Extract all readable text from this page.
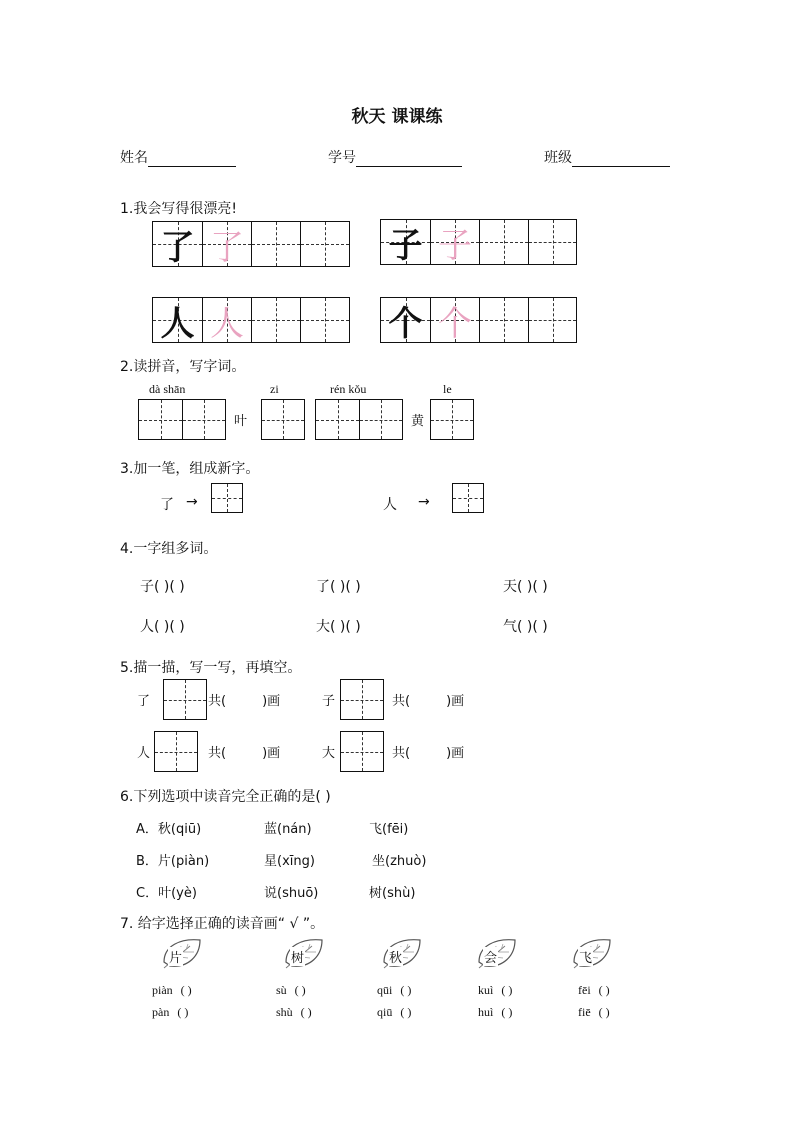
秋天 课课练
姓名	学号	班级
1.我会写得很漂亮!
了 了	子 子
人 人	个 个
2.读拼音，写字词。
dà shān	zi	rén kǒu	le
叶	黄
3.加一笔，组成新字。
了 →	人 →
4.一字组多词。
子( )( )	了( )( )	天( )( )
人( )( )	大( )( )	气( )( )
5.描一描，写一写，再填空。
了	共(	)画	子	共(	)画
人	共(	)画	大	共(	)画
6.下列选项中读音完全正确的是( )
A．秋(qiū)	蓝(nán)	飞(fēi)
B．片(piàn)	星(xīng)	坐(zhuò)
C．叶(yè)	说(shuō)	树(shù)
7. 给字选择正确的读音画“ √ ”。
片
piàn ( )
pàn ( )
树
sù ( )
shù ( )
秋
qūi ( )
qiū ( )
会
kuì ( )
huì ( )
飞
fēi ( )
fiē ( )
